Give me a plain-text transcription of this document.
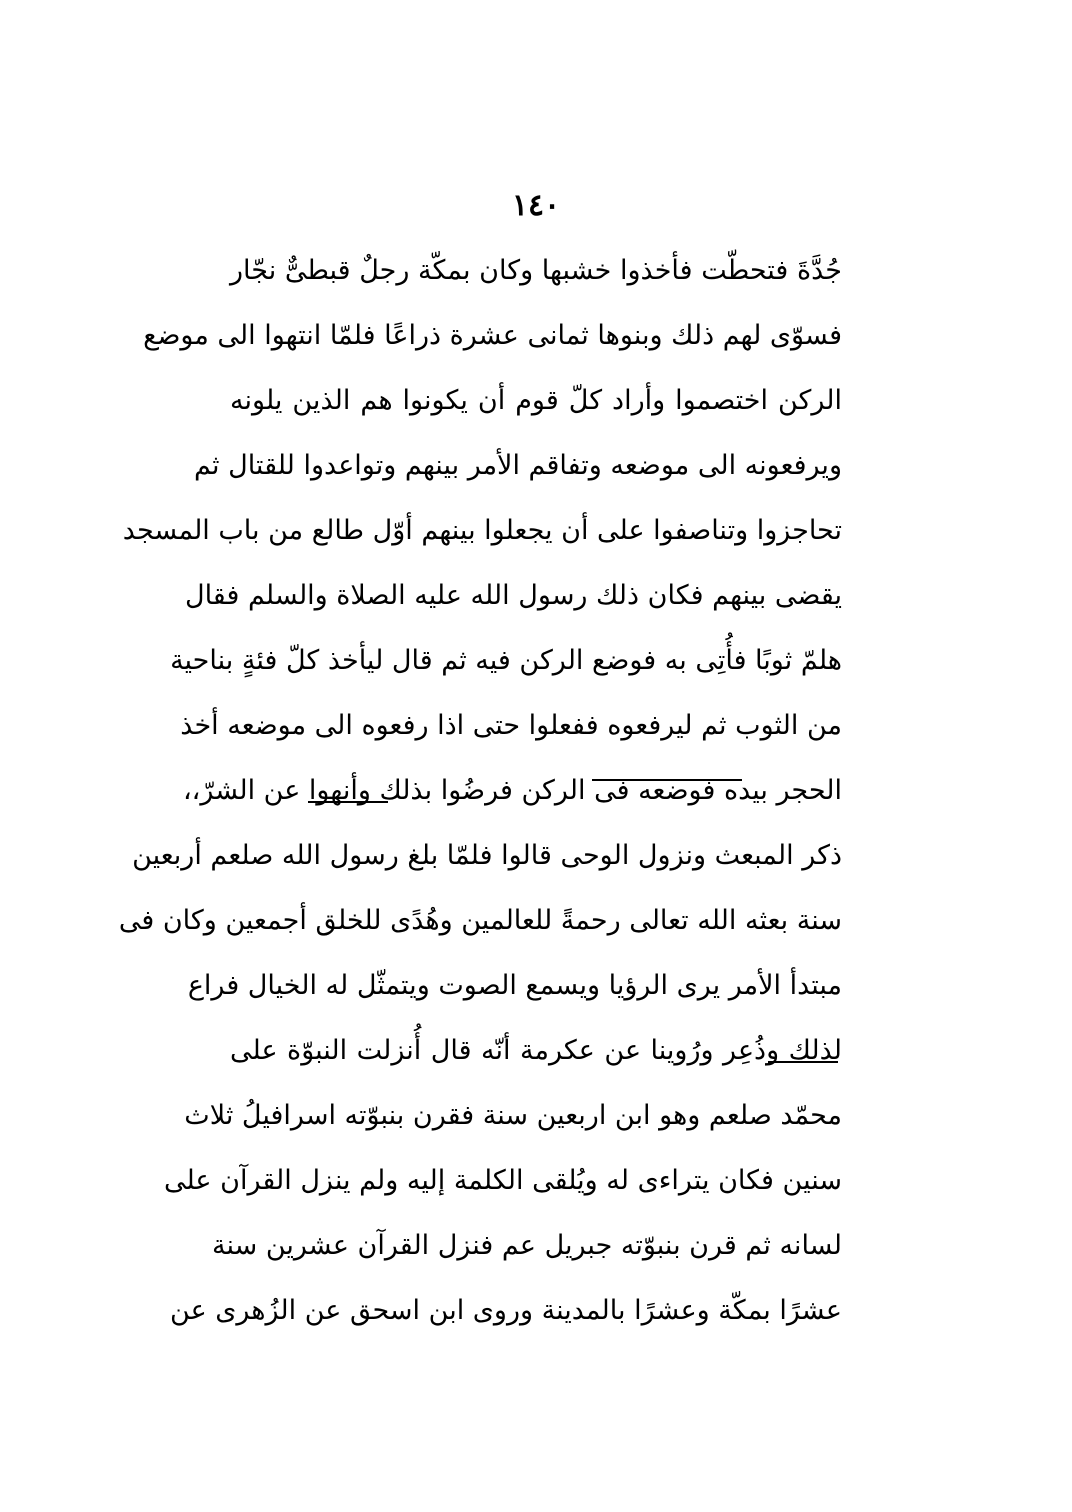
١٤٠
جُدَّةَ فتحطّت فأخذوا خشبها وكان بمكّة رجلٌ قبطىٌّ نجّار
فسوّى لهم ذلك وبنوها ثمانى عشرة ذراعًا فلمّا انتهوا الى موضع
الركن اختصموا وأراد كلّ قوم أن يكونوا هم الذين يلونه
ويرفعونه الى موضعه وتفاقم الأمر بينهم وتواعدوا للقتال ثم
تحاجزوا وتناصفوا على أن يجعلوا بينهم أوّل طالع من باب المسجد
يقضى بينهم فكان ذلك رسول الله عليه الصلاة والسلم فقال
هلمّ ثوبًا فأُتِى به فوضع الركن فيه ثم قال ليأخذ كلّ فئةٍ بناحية
من الثوب ثم ليرفعوه ففعلوا حتى اذا رفعوه الى موضعه أخذ
الحجر بيده فوضعه فى الركن فرضُوا بذلك وأنهوا عن الشرّ،،
ذكر المبعث ونزول الوحى قالوا فلمّا بلغ رسول الله صلعم أربعين
سنة بعثه الله تعالى رحمةً للعالمين وهُدًى للخلق أجمعين وكان فى
مبتدأ الأمر يرى الرؤيا ويسمع الصوت ويتمثّل له الخيال فراع
لذلك وذُعِر ورُوينا عن عكرمة أنّه قال أُنزلت النبوّة على
محمّد صلعم وهو ابن اربعين سنة فقرن بنبوّته اسرافيلُ ثلاث
سنين فكان يتراءى له ويُلقى الكلمة إليه ولم ينزل القرآن على
لسانه ثم قرن بنبوّته جبريل عم فنزل القرآن عشرين سنة
عشرًا بمكّة وعشرًا بالمدينة وروى ابن اسحق عن الزُهرى عن
